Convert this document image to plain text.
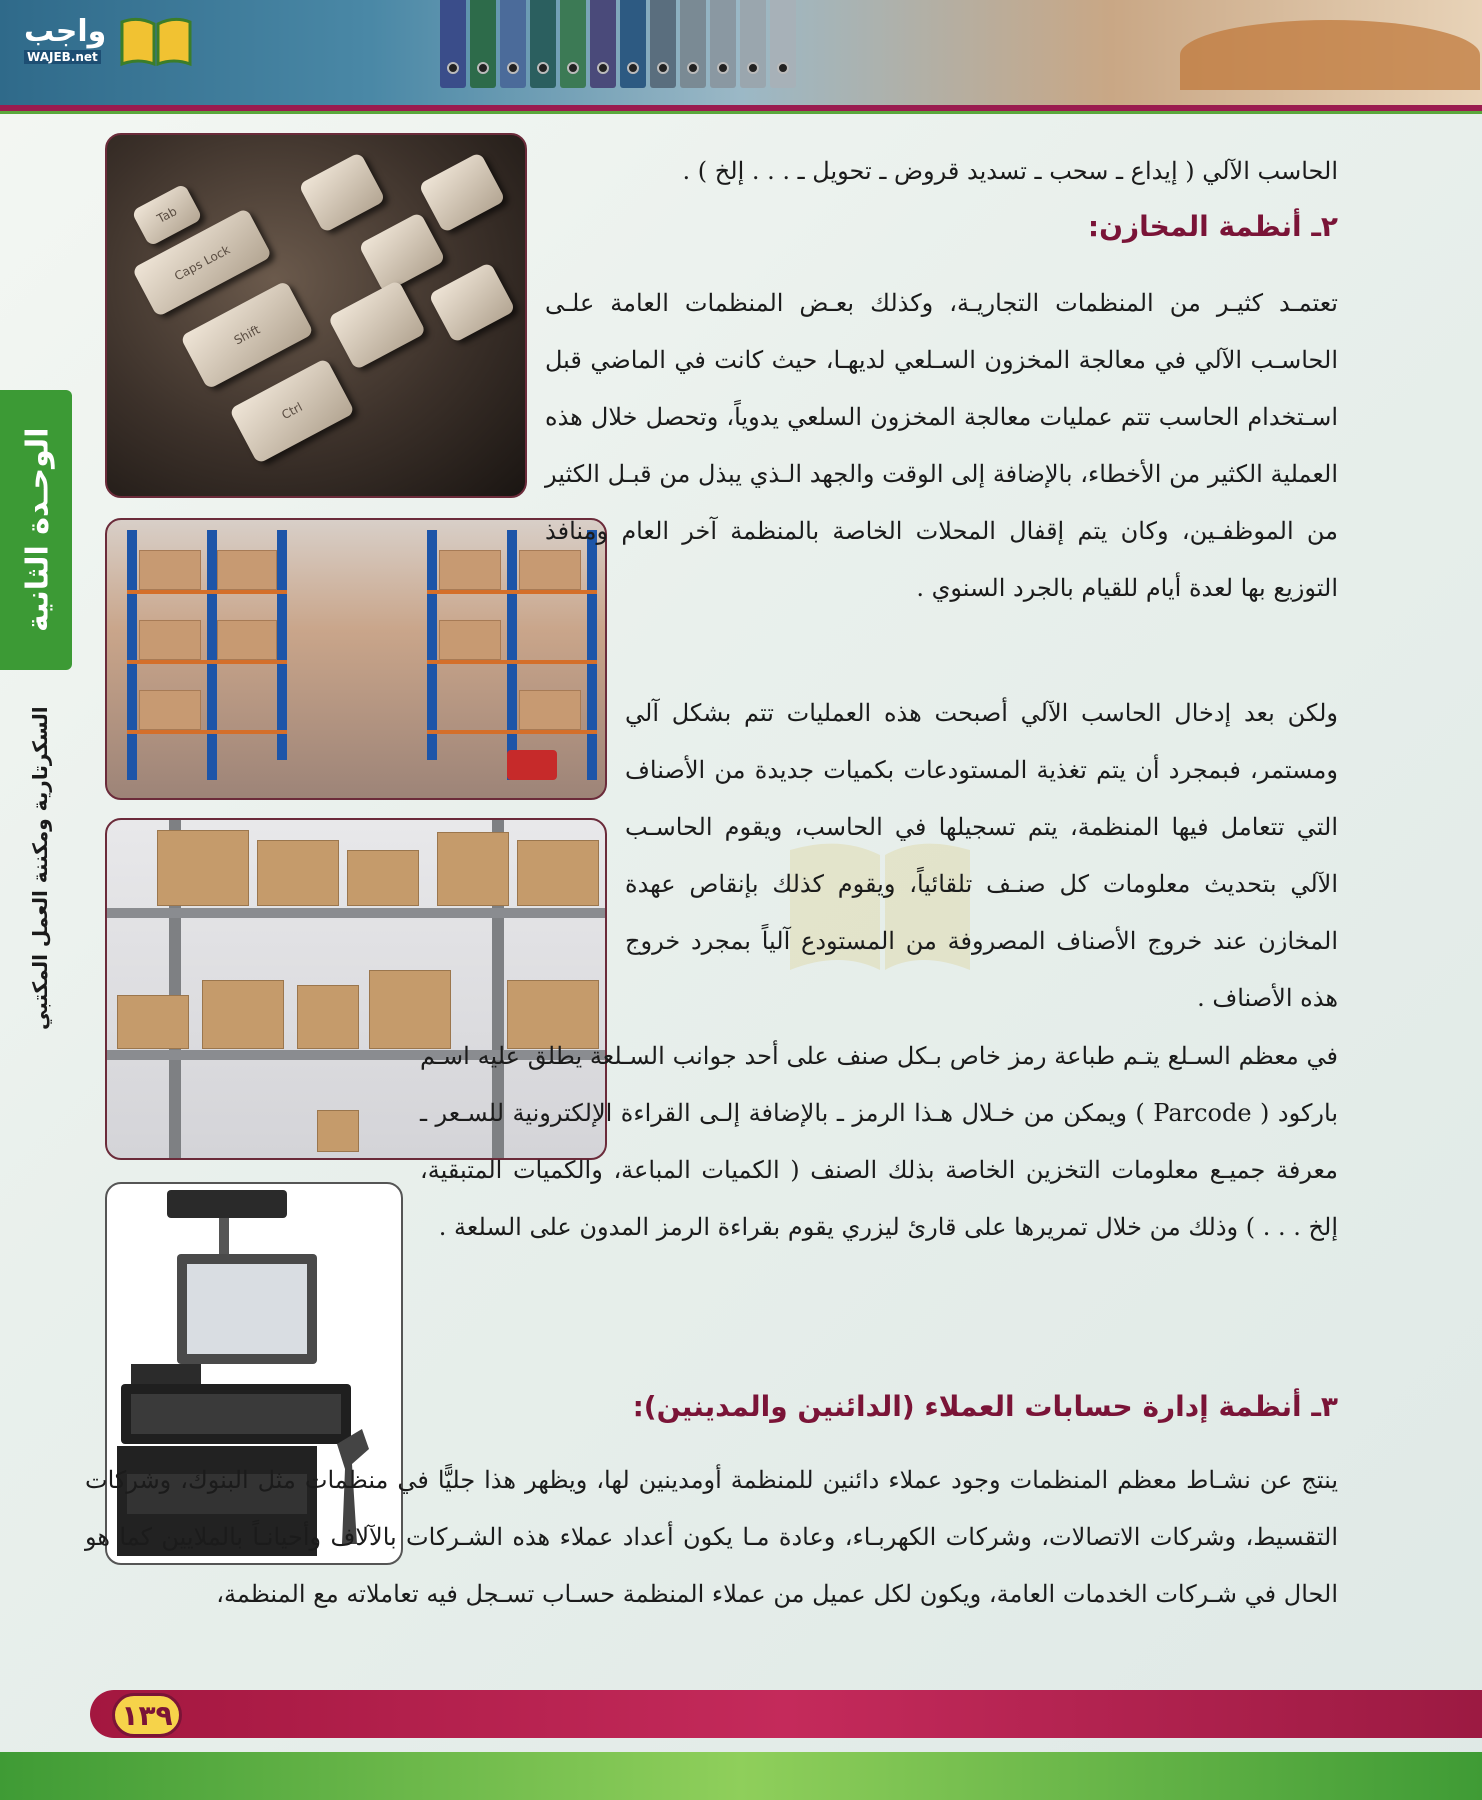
واجب
WAJEB.net
الوحـدة الثانية
السكرتارية ومكننة العمل المكتبي
Tab
Caps Lock
Shift
Ctrl
الحاسب الآلي ( إيداع ـ سحب ـ تسديد قروض ـ تحويل ـ . . . إلخ ) .
٢ـ أنظمة المخازن:
تعتمـد كثيـر من المنظمات التجاريـة، وكذلك بعـض المنظمات العامة علـى الحاسـب الآلي في معالجة المخزون السـلعي لديهـا، حيث كانت في الماضي قبل اسـتخدام الحاسب تتم عمليات معالجة المخزون السلعي يدوياً، وتحصل خلال هذه العملية الكثير من الأخطاء، بالإضافة إلى الوقت والجهد الـذي يبذل من قبـل الكثير من الموظفـين، وكان يتم إقفال المحلات الخاصة بالمنظمة آخر العام ومنافذ التوزيع بها لعدة أيام للقيام بالجرد السنوي .
ولكن بعد إدخال الحاسب الآلي أصبحت هذه العمليات تتم بشكل آلي ومستمر، فبمجرد أن يتم تغذية المستودعات بكميات جديدة من الأصناف التي تتعامل فيها المنظمة، يتم تسجيلها في الحاسب، ويقوم الحاسـب الآلي بتحديث معلومات كل صنـف تلقائياً، ويقوم كذلك بإنقاص عهدة المخازن عند خروج الأصناف المصروفة من المستودع آلياً بمجرد خروج هذه الأصناف .
في معظم السـلع يتـم طباعة رمز خاص بـكل صنف على أحد جوانب السـلعة يطلق عليه اسـم باركود ( Parcode ) ويمكن من خـلال هـذا الرمز ـ بالإضافة إلـى القراءة الإلكترونية للسـعر ـ معرفة جميـع معلومات التخزين الخاصة بذلك الصنف ( الكميات المباعة، والكميات المتبقية، إلخ . . . ) وذلك من خلال تمريرها على قارئ ليزري يقوم بقراءة الرمز المدون على السلعة .
٣ـ أنظمة إدارة حسابات العملاء (الدائنين والمدينين):
ينتج عن نشـاط معظم المنظمات وجود عملاء دائنين للمنظمة أومدينين لها، ويظهر هذا جليًّا في منظمات مثل البنوك، وشركات التقسيط، وشركات الاتصالات، وشركات الكهربـاء، وعادة مـا يكون أعداد عملاء هذه الشـركات بالآلاف وأحيانـاً بالملايين كما هو الحال في شـركات الخدمات العامة، ويكون لكل عميل من عملاء المنظمة حسـاب تسـجل فيه تعاملاته مع المنظمة،
١٣٩
